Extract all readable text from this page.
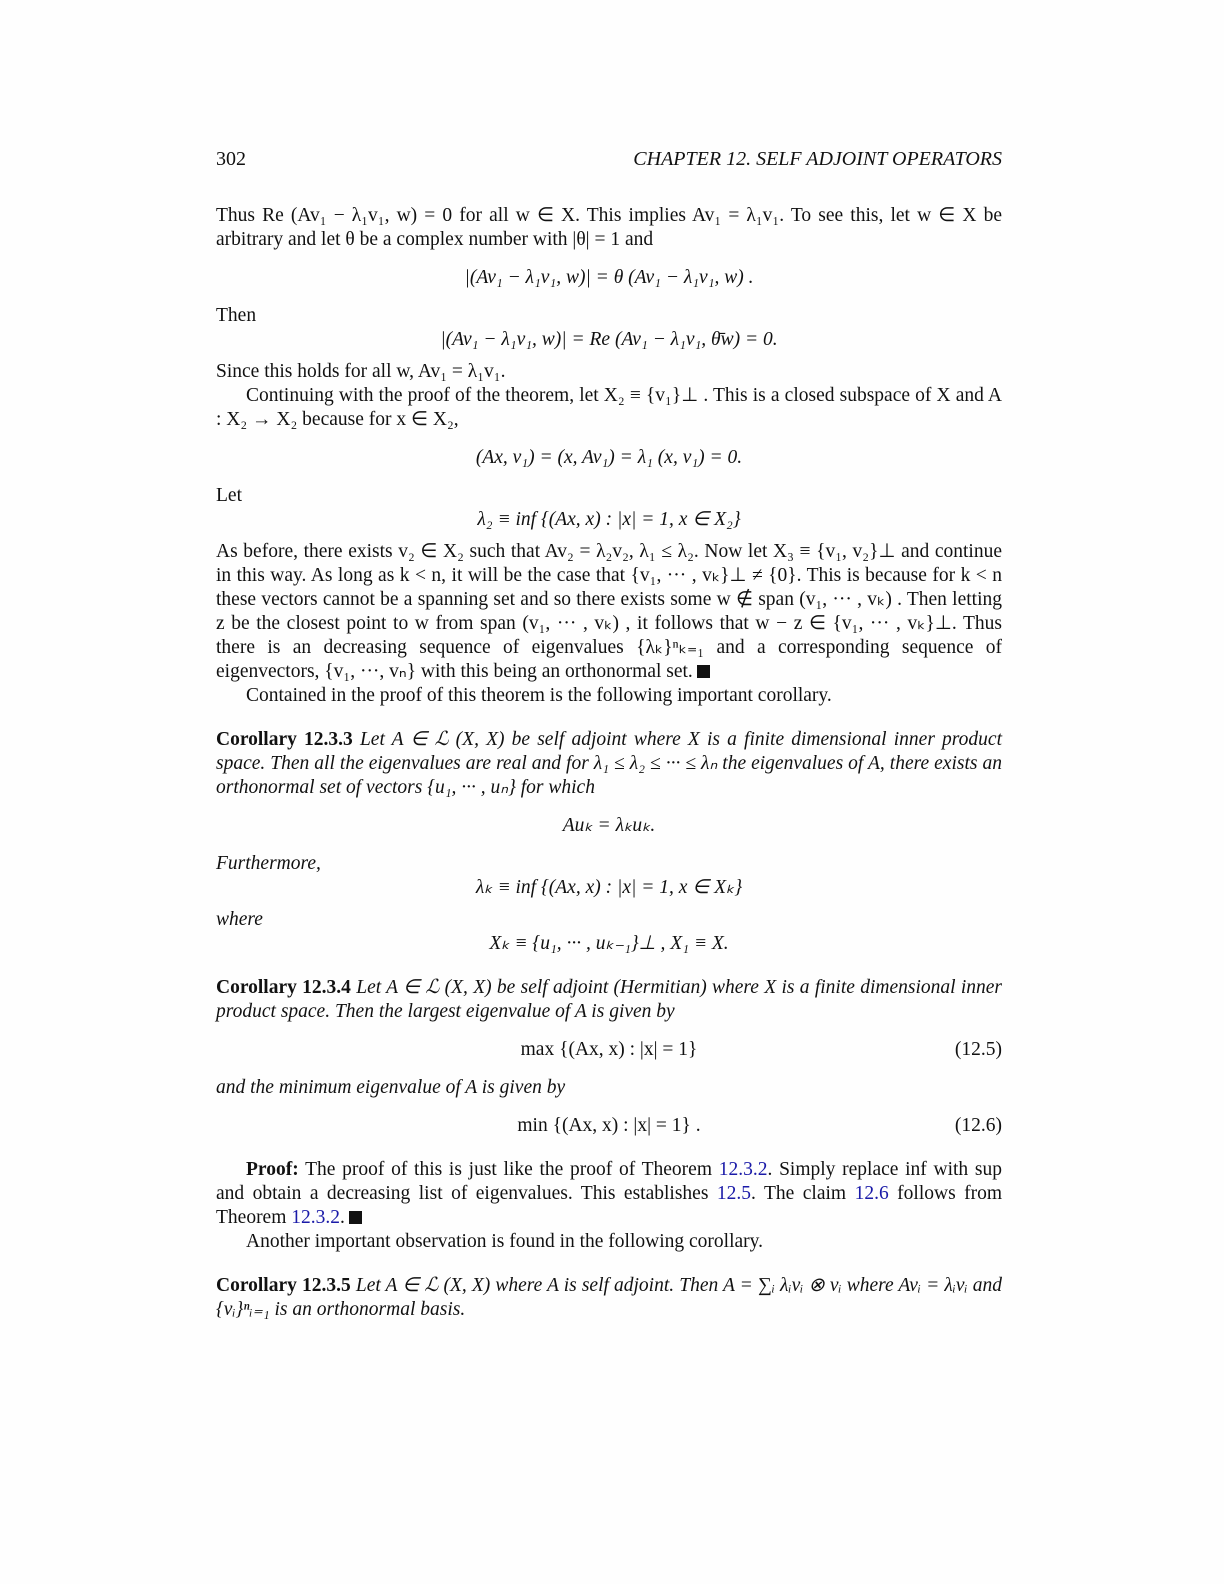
302	CHAPTER 12. SELF ADJOINT OPERATORS

Thus Re (Av₁ − λ₁v₁, w) = 0 for all w ∈ X. This implies Av₁ = λ₁v₁. To see this, let w ∈ X be arbitrary and let θ be a complex number with |θ| = 1 and

|(Av₁ − λ₁v₁, w)| = θ (Av₁ − λ₁v₁, w) .

Then

|(Av₁ − λ₁v₁, w)| = Re (Av₁ − λ₁v₁, θ̄w) = 0.

Since this holds for all w, Av₁ = λ₁v₁.

Continuing with the proof of the theorem, let X₂ ≡ {v₁}⊥ . This is a closed subspace of X and A : X₂ → X₂ because for x ∈ X₂,

(Ax, v₁) = (x, Av₁) = λ₁ (x, v₁) = 0.

Let

λ₂ ≡ inf {(Ax, x) : |x| = 1, x ∈ X₂}

As before, there exists v₂ ∈ X₂ such that Av₂ = λ₂v₂, λ₁ ≤ λ₂. Now let X₃ ≡ {v₁, v₂}⊥ and continue in this way. As long as k < n, it will be the case that {v₁, ··· , vₖ}⊥ ≠ {0}. This is because for k < n these vectors cannot be a spanning set and so there exists some w ∉ span (v₁, ··· , vₖ) . Then letting z be the closest point to w from span (v₁, ··· , vₖ) , it follows that w − z ∈ {v₁, ··· , vₖ}⊥. Thus there is an decreasing sequence of eigenvalues {λₖ}ⁿₖ₌₁ and a corresponding sequence of eigenvectors, {v₁, ···, vₙ} with this being an orthonormal set.

Contained in the proof of this theorem is the following important corollary.

Corollary 12.3.3 Let A ∈ ℒ (X, X) be self adjoint where X is a finite dimensional inner product space. Then all the eigenvalues are real and for λ₁ ≤ λ₂ ≤ ··· ≤ λₙ the eigenvalues of A, there exists an orthonormal set of vectors {u₁, ··· , uₙ} for which

Auₖ = λₖuₖ.

Furthermore,

λₖ ≡ inf {(Ax, x) : |x| = 1, x ∈ Xₖ}

where

Xₖ ≡ {u₁, ··· , uₖ₋₁}⊥ , X₁ ≡ X.

Corollary 12.3.4 Let A ∈ ℒ (X, X) be self adjoint (Hermitian) where X is a finite dimensional inner product space. Then the largest eigenvalue of A is given by

max {(Ax, x) : |x| = 1}	(12.5)

and the minimum eigenvalue of A is given by

min {(Ax, x) : |x| = 1} .	(12.6)

Proof: The proof of this is just like the proof of Theorem 12.3.2. Simply replace inf with sup and obtain a decreasing list of eigenvalues. This establishes 12.5. The claim 12.6 follows from Theorem 12.3.2.

Another important observation is found in the following corollary.

Corollary 12.3.5 Let A ∈ ℒ (X, X) where A is self adjoint. Then A = ∑ᵢ λᵢvᵢ ⊗ vᵢ where Avᵢ = λᵢvᵢ and {vᵢ}ⁿᵢ₌₁ is an orthonormal basis.
